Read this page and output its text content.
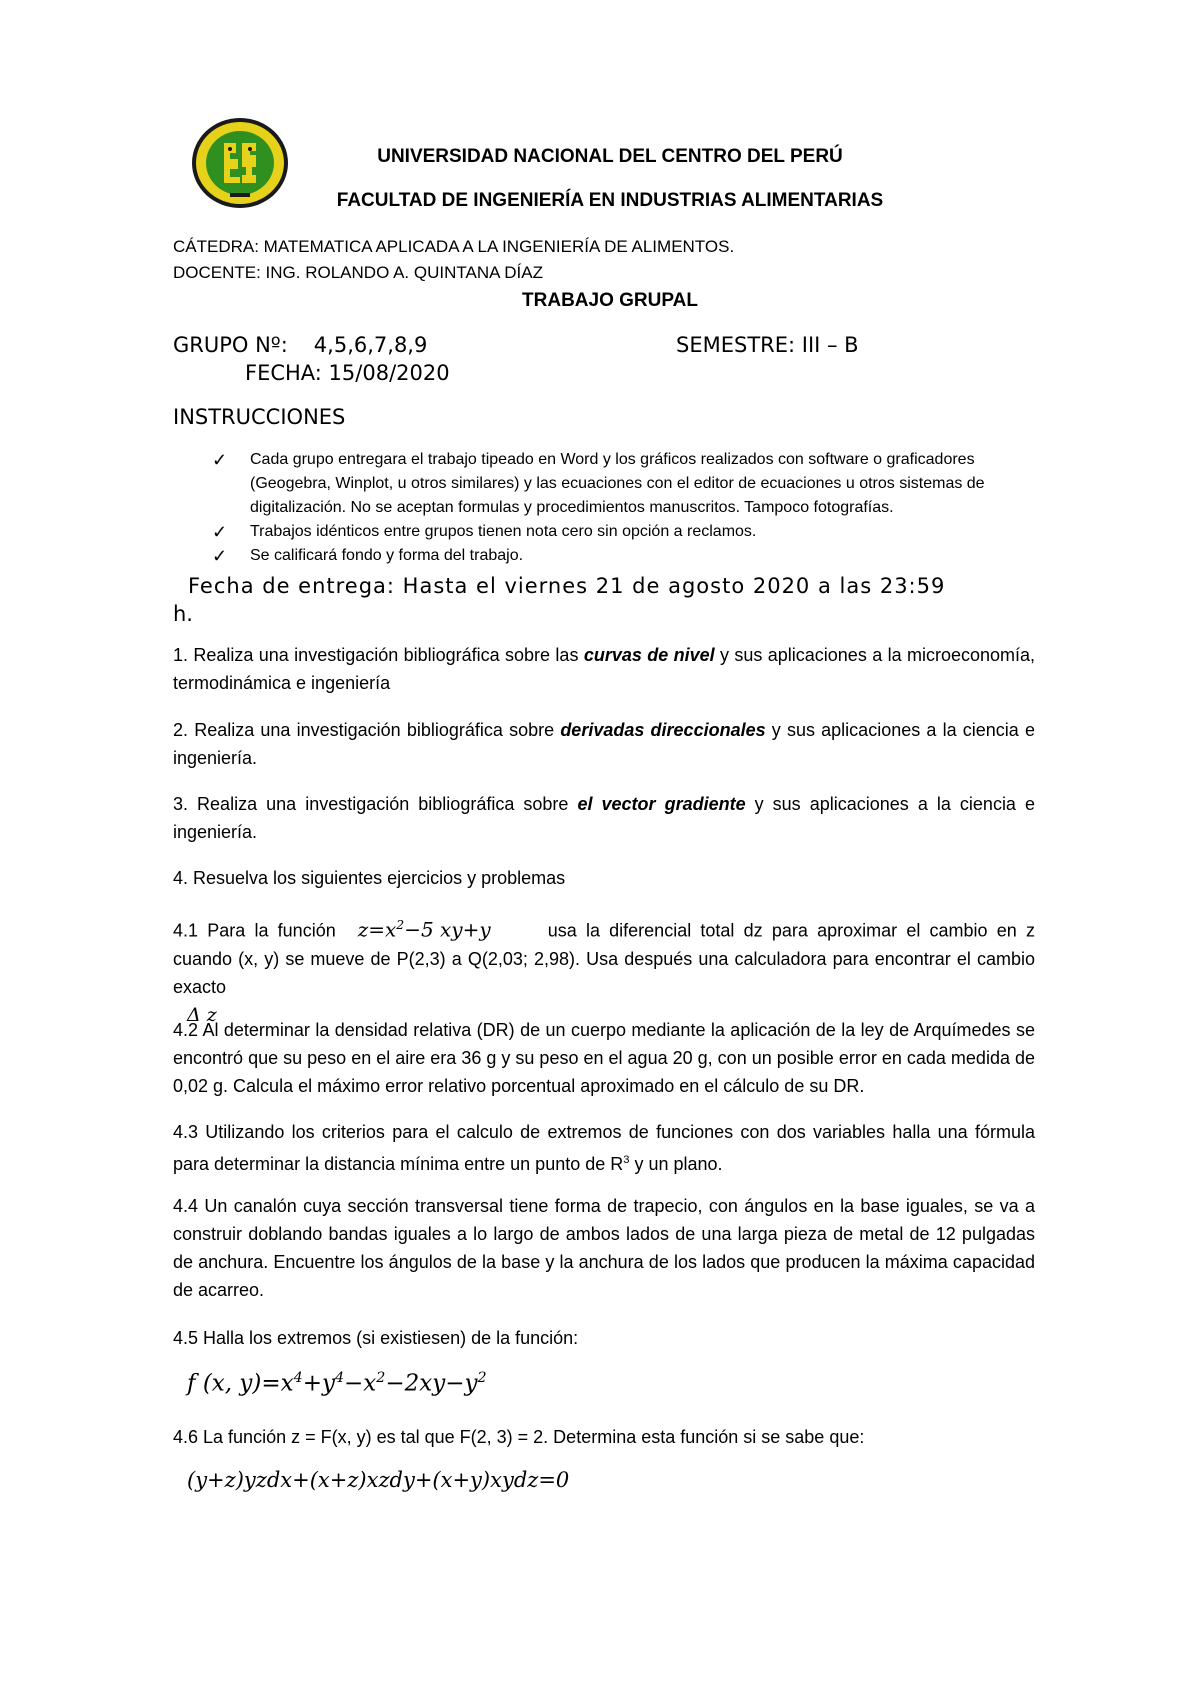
UNIVERSIDAD NACIONAL DEL CENTRO DEL PERÚ
FACULTAD DE INGENIERÍA EN INDUSTRIAS ALIMENTARIAS
CÁTEDRA: MATEMATICA APLICADA A LA INGENIERÍA DE ALIMENTOS.
DOCENTE: ING. ROLANDO A. QUINTANA DÍAZ
TRABAJO GRUPAL
GRUPO Nº: 4,5,6,7,8,9	SEMESTRE: III – B
FECHA: 15/08/2020
INSTRUCCIONES
✓ Cada grupo entregara el trabajo tipeado en Word y los gráficos realizados con software o graficadores (Geogebra, Winplot, u otros similares) y las ecuaciones con el editor de ecuaciones u otros sistemas de digitalización. No se aceptan formulas y procedimientos manuscritos. Tampoco fotografías.
✓ Trabajos idénticos entre grupos tienen nota cero sin opción a reclamos.
✓ Se calificará fondo y forma del trabajo.
Fecha de entrega: Hasta el viernes 21 de agosto 2020 a las 23:59
h.
1. Realiza una investigación bibliográfica sobre las curvas de nivel y sus aplicaciones a la microeconomía, termodinámica e ingeniería
2. Realiza una investigación bibliográfica sobre derivadas direccionales y sus aplicaciones a la ciencia e ingeniería.
3. Realiza una investigación bibliográfica sobre el vector gradiente y sus aplicaciones a la ciencia e ingeniería.
4. Resuelva los siguientes ejercicios y problemas
4.1 Para la función $z=x^2-5$ xy+y	usa la diferencial total dz para aproximar el cambio en z cuando (x, y) se mueve de P(2,3) a Q(2,03; 2,98). Usa después una calculadora para encontrar el cambio exacto
Δ z
4.2 Al determinar la densidad relativa (DR) de un cuerpo mediante la aplicación de la ley de Arquímedes se encontró que su peso en el aire era 36 g y su peso en el agua 20 g, con un posible error en cada medida de 0,02 g. Calcula el máximo error relativo porcentual aproximado en el cálculo de su DR.
4.3 Utilizando los criterios para el calculo de extremos de funciones con dos variables halla una fórmula para determinar la distancia mínima entre un punto de $R^3$ y un plano.
4.4 Un canalón cuya sección transversal tiene forma de trapecio, con ángulos en la base iguales, se va a construir doblando bandas iguales a lo largo de ambos lados de una larga pieza de metal de 12 pulgadas de anchura. Encuentre los ángulos de la base y la anchura de los lados que producen la máxima capacidad de acarreo.
4.5 Halla los extremos (si existiesen) de la función:
f (x, $y)=x^4+y^4-x^2-2xy-y^2$
4.6 La función z = F(x, y) es tal que F(2, 3) = 2. Determina esta función si se sabe que:
(y+z)yzdx+(x+z)xzdy+(x+y)xydz=0
